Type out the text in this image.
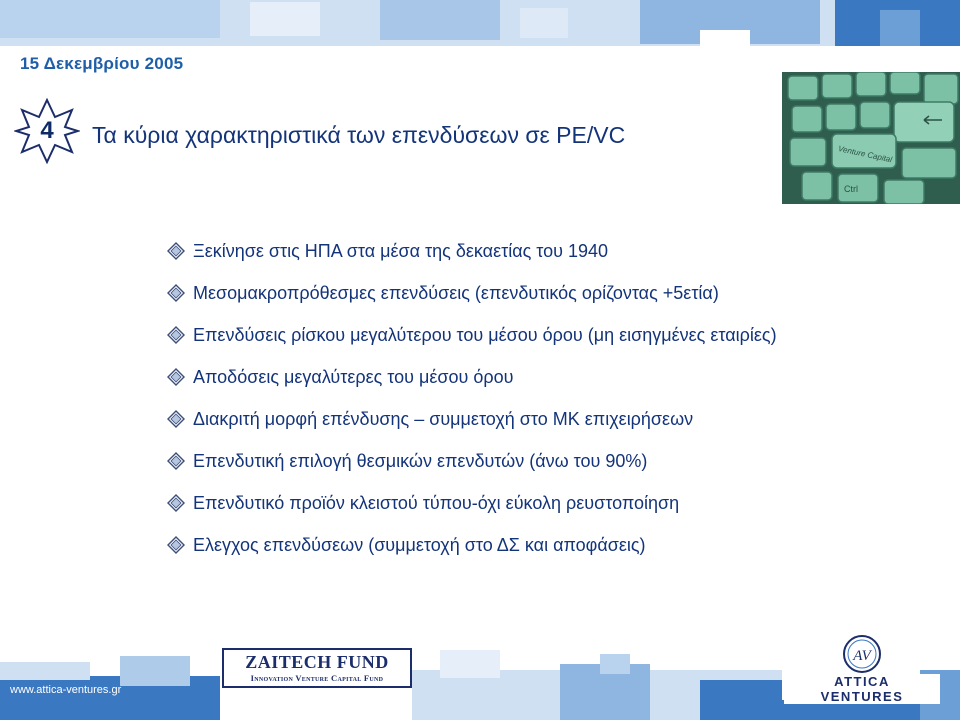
15 Δεκεμβρίου 2005
4	Τα κύρια χαρακτηριστικά των επενδύσεων σε PE/VC
Venture Capital
Ctrl
Ξεκίνησε στις ΗΠΑ στα μέσα της δεκαετίας του 1940
Μεσομακροπρόθεσμες επενδύσεις (επενδυτικός ορίζοντας +5ετία)
Επενδύσεις ρίσκου μεγαλύτερου του μέσου όρου (μη εισηγμένες εταιρίες)
Αποδόσεις μεγαλύτερες του μέσου όρου
Διακριτή μορφή επένδυσης – συμμετοχή στο ΜΚ επιχειρήσεων
Επενδυτική επιλογή θεσμικών επενδυτών (άνω του 90%)
Επενδυτικό προϊόν κλειστού τύπου-όχι εύκολη ρευστοποίηση
Ελεγχος επενδύσεων (συμμετοχή στο ΔΣ και αποφάσεις)
www.attica-ventures.gr
ZAITECH FUND
Innovation Venture Capital Fund
AV
ATTICA
VENTURES
